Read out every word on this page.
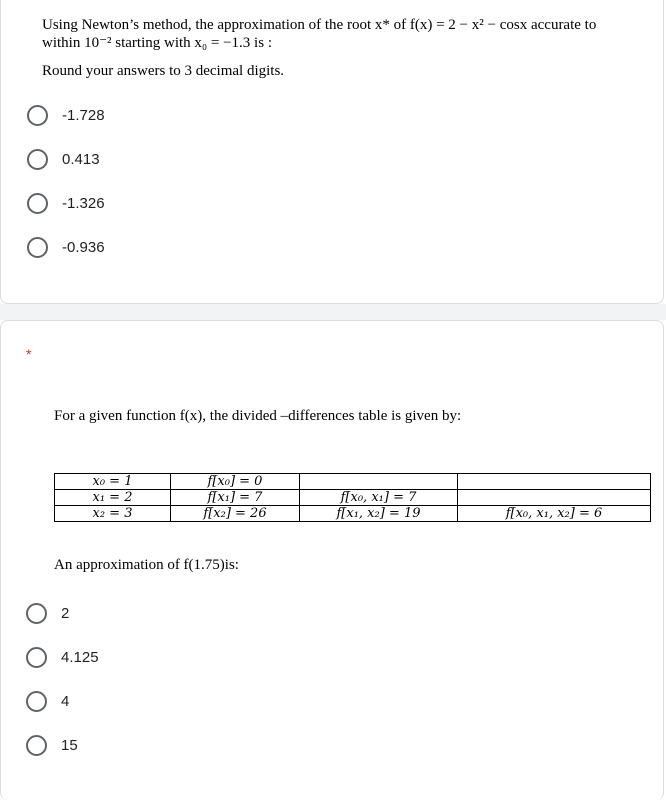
Using Newton’s method, the approximation of the root x* of f(x) = 2 − x² − cosx accurate to
within 10⁻² starting with x₀ = −1.3 is :
Round your answers to 3 decimal digits.
-1.728
0.413
-1.326
-0.936
*
For a given function f(x), the divided –differences table is given by:
x₀ = 1	f[x₀] = 0		
x₁ = 2	f[x₁] = 7	f[x₀, x₁] = 7	
x₂ = 3	f[x₂] = 26	f[x₁, x₂] = 19	f[x₀, x₁, x₂] = 6
An approximation of f(1.75)is:
2
4.125
4
15
